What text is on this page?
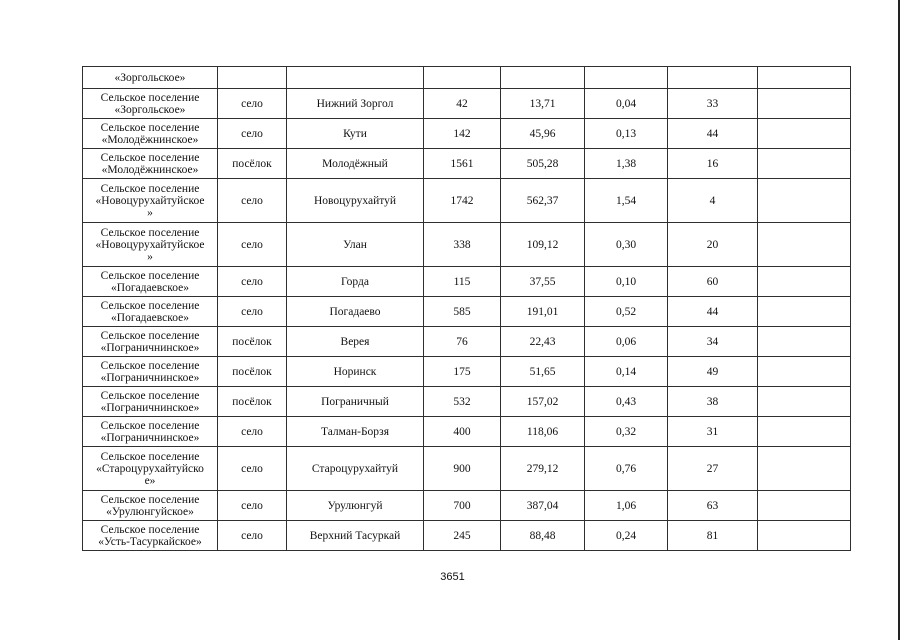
«Зоргольское»							
Сельское поселение
«Зоргольское»	село	Нижний Зоргол	42	13,71	0,04	33	
Сельское поселение
«Молодёжнинское»	село	Кути	142	45,96	0,13	44	
Сельское поселение
«Молодёжнинское»	посёлок	Молодёжный	1561	505,28	1,38	16	
Сельское поселение
«Новоцурухайтуйское
»	село	Новоцурухайтуй	1742	562,37	1,54	4	
Сельское поселение
«Новоцурухайтуйское
»	село	Улан	338	109,12	0,30	20	
Сельское поселение
«Погадаевское»	село	Горда	115	37,55	0,10	60	
Сельское поселение
«Погадаевское»	село	Погадаево	585	191,01	0,52	44	
Сельское поселение
«Пограничнинское»	посёлок	Верея	76	22,43	0,06	34	
Сельское поселение
«Пограничнинское»	посёлок	Норинск	175	51,65	0,14	49	
Сельское поселение
«Пограничнинское»	посёлок	Пограничный	532	157,02	0,43	38	
Сельское поселение
«Пограничнинское»	село	Талман-Борзя	400	118,06	0,32	31	
Сельское поселение
«Староцурухайтуйско
е»	село	Староцурухайтуй	900	279,12	0,76	27	
Сельское поселение
«Урулюнгуйское»	село	Урулюнгуй	700	387,04	1,06	63	
Сельское поселение
«Усть-Тасуркайское»	село	Верхний Тасуркай	245	88,48	0,24	81	
3651
